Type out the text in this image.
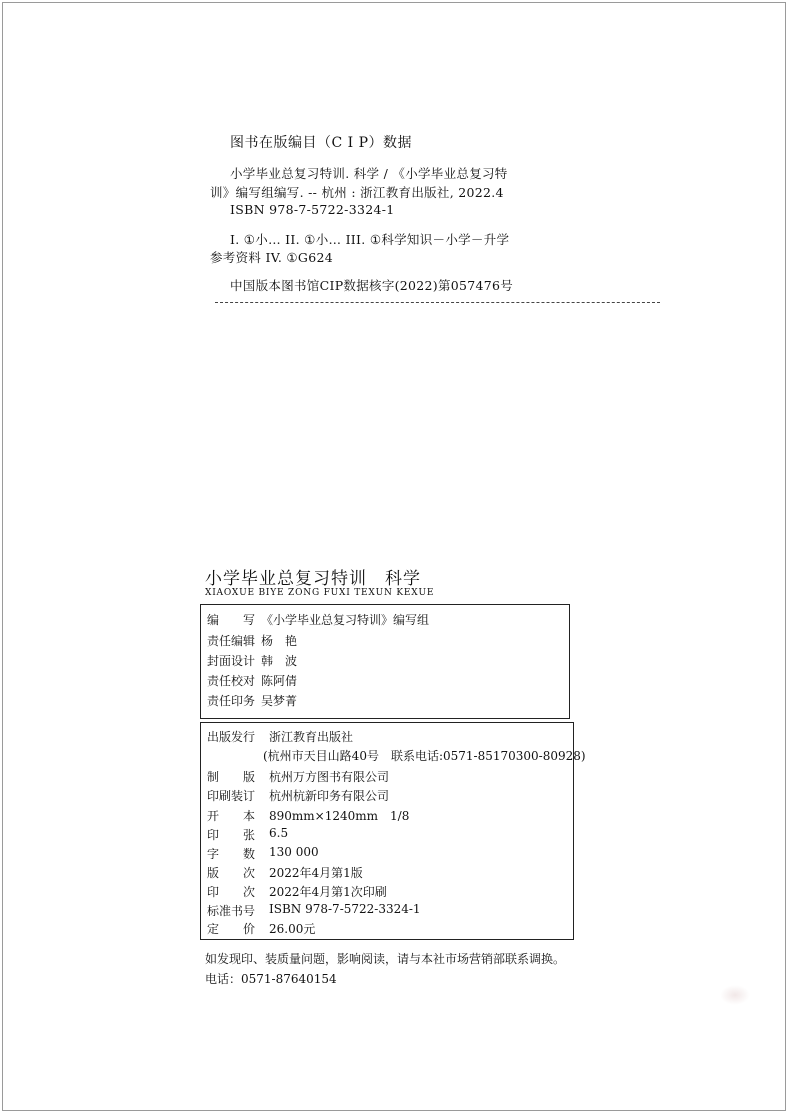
图书在版编目（C I P）数据
小学毕业总复习特训. 科学 / 《小学毕业总复习特
训》编写组编写. -- 杭州 : 浙江教育出版社, 2022.4
ISBN 978-7-5722-3324-1
I. ①小… II. ①小… III. ①科学知识－小学－升学
参考资料 IV. ①G624
中国版本图书馆CIP数据核字(2022)第057476号
小学毕业总复习特训　科学
XIAOXUE BIYE ZONG FUXI TEXUN KEXUE
编　　写 《小学毕业总复习特训》编写组
责任编辑 杨　艳
封面设计 韩　波
责任校对 陈阿倩
责任印务 吴梦菁
出版发行 浙江教育出版社
(杭州市天目山路40号　联系电话:0571-85170300-80928)
制　　版 杭州万方图书有限公司
印刷装订 杭州杭新印务有限公司
开　　本 890mm×1240mm　1/8
印　　张 6.5
字　　数 130 000
版　　次 2022年4月第1版
印　　次 2022年4月第1次印刷
标准书号 ISBN 978-7-5722-3324-1
定　　价 26.00元
如发现印、装质量问题，影响阅读，请与本社市场营销部联系调换。
电话：0571-87640154
